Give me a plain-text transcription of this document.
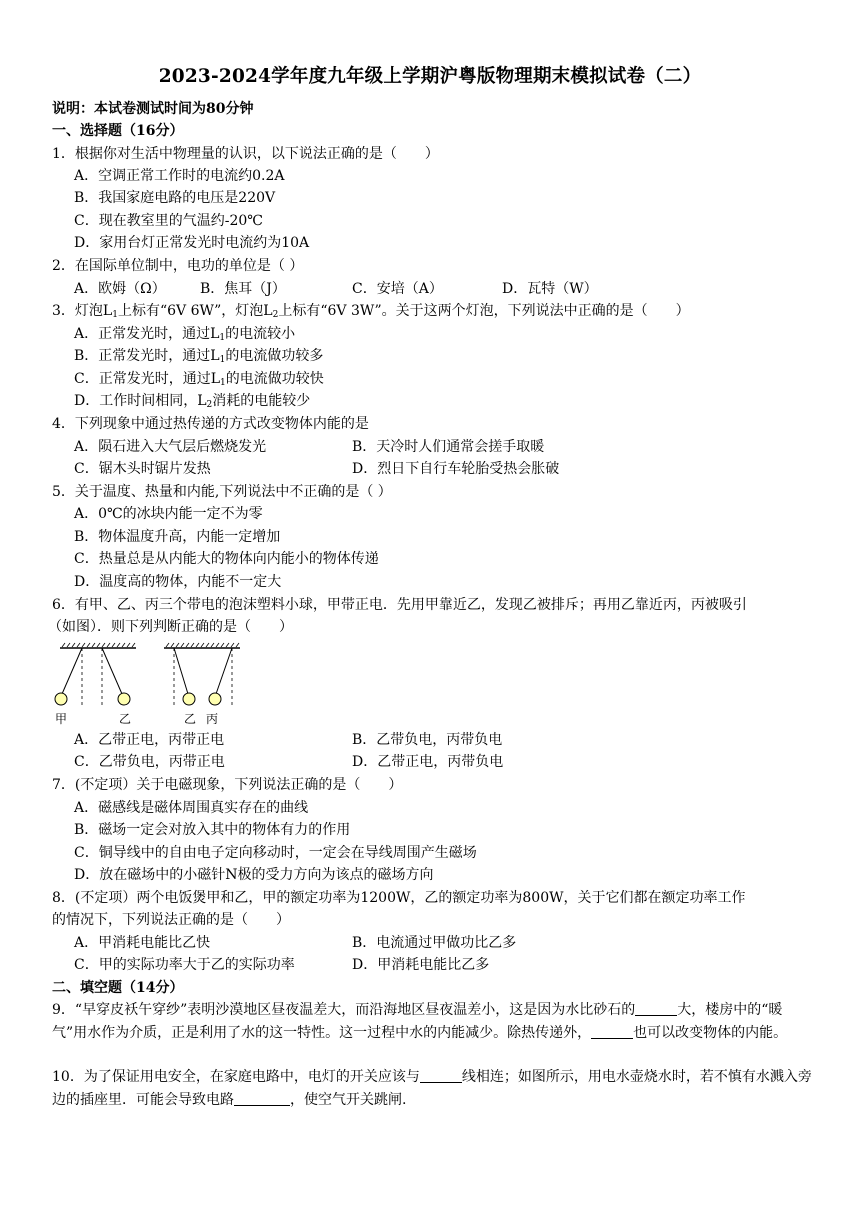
2023-2024学年度九年级上学期沪粤版物理期末模拟试卷（二）
说明：本试卷测试时间为80分钟
一、选择题（16分）
1．根据你对生活中物理量的认识，以下说法正确的是（　　）
A．空调正常工作时的电流约0.2A
B．我国家庭电路的电压是220V
C．现在教室里的气温约-20℃
D．家用台灯正常发光时电流约为10A
2．在国际单位制中，电功的单位是（ ）
A．欧姆（Ω） B．焦耳（J）	C．安培（A）	D．瓦特（W）
3．灯泡$L_1$上标有“6V 6W”，灯泡$L_2$上标有“6V 3W”。关于这两个灯泡，下列说法中正确的是（　　）
A．正常发光时，通过$L_1$的电流较小
B．正常发光时，通过$L_1$的电流做功较多
C．正常发光时，通过$L_1$的电流做功较快
D．工作时间相同，$L_2$消耗的电能较少
4．下列现象中通过热传递的方式改变物体内能的是
A．陨石进入大气层后燃烧发光	B．天冷时人们通常会搓手取暖
C．锯木头时锯片发热	D．烈日下自行车轮胎受热会胀破
5．关于温度、热量和内能,下列说法中不正确的是（ ）
A．0℃的冰块内能一定不为零
B．物体温度升高，内能一定增加
C．热量总是从内能大的物体向内能小的物体传递
D．温度高的物体，内能不一定大
6．有甲、乙、丙三个带电的泡沫塑料小球，甲带正电．先用甲靠近乙，发现乙被排斥；再用乙靠近丙，丙被吸引
（如图）．则下列判断正确的是（　　）
甲	乙	乙 丙
A．乙带正电，丙带正电	B．乙带负电，丙带负电
C．乙带负电，丙带正电	D．乙带正电，丙带负电
7．(不定项）关于电磁现象，下列说法正确的是（　　）
A．磁感线是磁体周围真实存在的曲线
B．磁场一定会对放入其中的物体有力的作用
C．铜导线中的自由电子定向移动时，一定会在导线周围产生磁场
D．放在磁场中的小磁针N极的受力方向为该点的磁场方向
8．(不定项）两个电饭煲甲和乙，甲的额定功率为1200W，乙的额定功率为800W，关于它们都在额定功率工作
的情况下，下列说法正确的是（　　）
A．甲消耗电能比乙快	B．电流通过甲做功比乙多
C．甲的实际功率大于乙的实际功率	D．甲消耗电能比乙多
二、填空题（14分）
9．“早穿皮袄午穿纱”表明沙漠地区昼夜温差大，而沿海地区昼夜温差小，这是因为水比砂石的	大，楼房中的“暖气”用水作为介质，正是利用了水的这一特性。这一过程中水的内能减少。除热传递外，	也可以改变物体的内能。
10．为了保证用电安全，在家庭电路中，电灯的开关应该与	线相连；如图所示，用电水壶烧水时，若不慎有水溅入旁边的插座里．可能会导致电路	，使空气开关跳闸.
